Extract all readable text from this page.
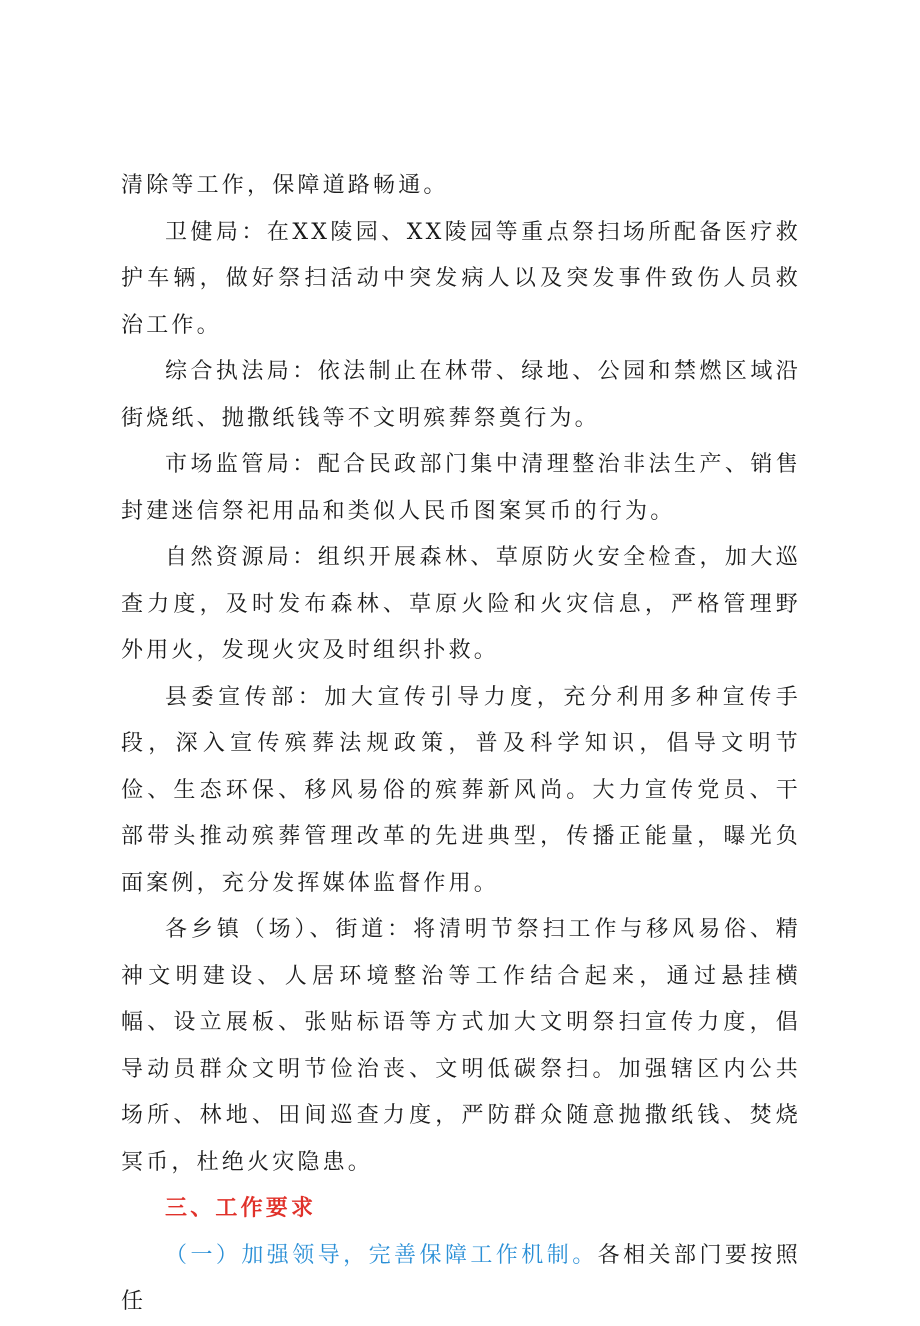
清除等工作，保障道路畅通。

卫健局：在XX陵园、XX陵园等重点祭扫场所配备医疗救护车辆，做好祭扫活动中突发病人以及突发事件致伤人员救治工作。

综合执法局：依法制止在林带、绿地、公园和禁燃区域沿街烧纸、抛撒纸钱等不文明殡葬祭奠行为。

市场监管局：配合民政部门集中清理整治非法生产、销售封建迷信祭祀用品和类似人民币图案冥币的行为。

自然资源局：组织开展森林、草原防火安全检查，加大巡查力度，及时发布森林、草原火险和火灾信息，严格管理野外用火，发现火灾及时组织扑救。

县委宣传部：加大宣传引导力度，充分利用多种宣传手段，深入宣传殡葬法规政策，普及科学知识，倡导文明节俭、生态环保、移风易俗的殡葬新风尚。大力宣传党员、干部带头推动殡葬管理改革的先进典型，传播正能量，曝光负面案例，充分发挥媒体监督作用。

各乡镇（场）、街道：将清明节祭扫工作与移风易俗、精神文明建设、人居环境整治等工作结合起来，通过悬挂横幅、设立展板、张贴标语等方式加大文明祭扫宣传力度，倡导动员群众文明节俭治丧、文明低碳祭扫。加强辖区内公共场所、林地、田间巡查力度，严防群众随意抛撒纸钱、焚烧冥币，杜绝火灾隐患。

三、工作要求

（一）加强领导，完善保障工作机制。各相关部门要按照任
